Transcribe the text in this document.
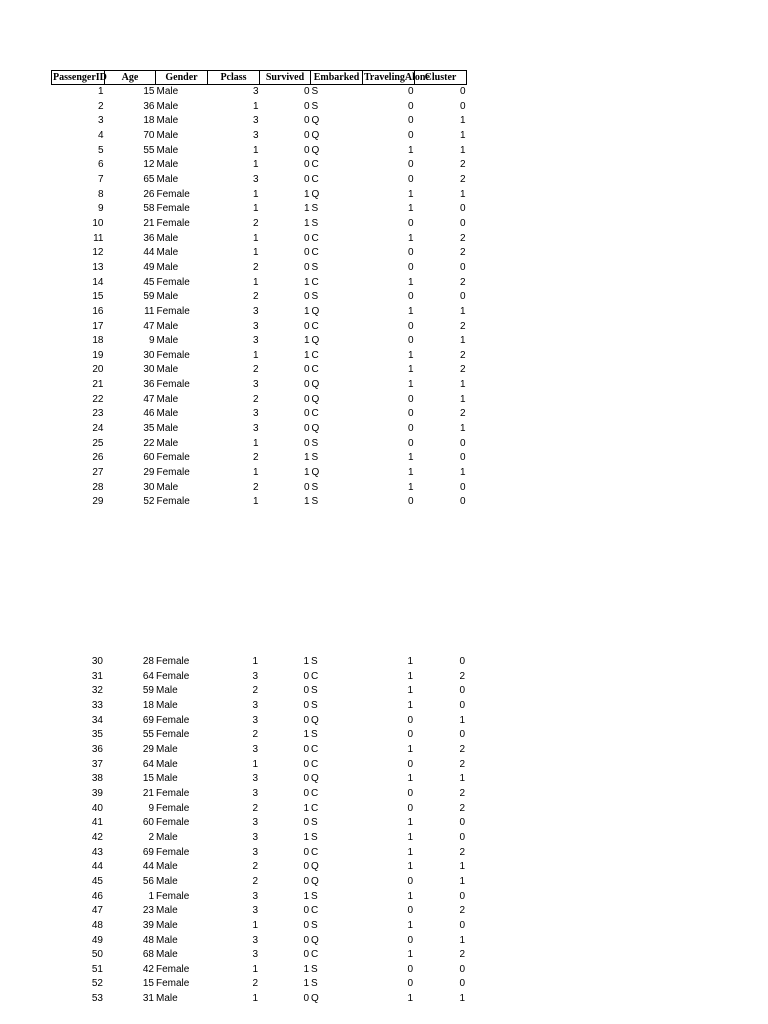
PassengerID	Age	Gender	Pclass	Survived	Embarked	TravelingAlone	Cluster
1	15	Male	3	0	S	0	0
2	36	Male	1	0	S	0	0
3	18	Male	3	0	Q	0	1
4	70	Male	3	0	Q	0	1
5	55	Male	1	0	Q	1	1
6	12	Male	1	0	C	0	2
7	65	Male	3	0	C	0	2
8	26	Female	1	1	Q	1	1
9	58	Female	1	1	S	1	0
10	21	Female	2	1	S	0	0
11	36	Male	1	0	C	1	2
12	44	Male	1	0	C	0	2
13	49	Male	2	0	S	0	0
14	45	Female	1	1	C	1	2
15	59	Male	2	0	S	0	0
16	11	Female	3	1	Q	1	1
17	47	Male	3	0	C	0	2
18	9	Male	3	1	Q	0	1
19	30	Female	1	1	C	1	2
20	30	Male	2	0	C	1	2
21	36	Female	3	0	Q	1	1
22	47	Male	2	0	Q	0	1
23	46	Male	3	0	C	0	2
24	35	Male	3	0	Q	0	1
25	22	Male	1	0	S	0	0
26	60	Female	2	1	S	1	0
27	29	Female	1	1	Q	1	1
28	30	Male	2	0	S	1	0
29	52	Female	1	1	S	0	0
30	28	Female	1	1	S	1	0
31	64	Female	3	0	C	1	2
32	59	Male	2	0	S	1	0
33	18	Male	3	0	S	1	0
34	69	Female	3	0	Q	0	1
35	55	Female	2	1	S	0	0
36	29	Male	3	0	C	1	2
37	64	Male	1	0	C	0	2
38	15	Male	3	0	Q	1	1
39	21	Female	3	0	C	0	2
40	9	Female	2	1	C	0	2
41	60	Female	3	0	S	1	0
42	2	Male	3	1	S	1	0
43	69	Female	3	0	C	1	2
44	44	Male	2	0	Q	1	1
45	56	Male	2	0	Q	0	1
46	1	Female	3	1	S	1	0
47	23	Male	3	0	C	0	2
48	39	Male	1	0	S	1	0
49	48	Male	3	0	Q	0	1
50	68	Male	3	0	C	1	2
51	42	Female	1	1	S	0	0
52	15	Female	2	1	S	0	0
53	31	Male	1	0	Q	1	1
